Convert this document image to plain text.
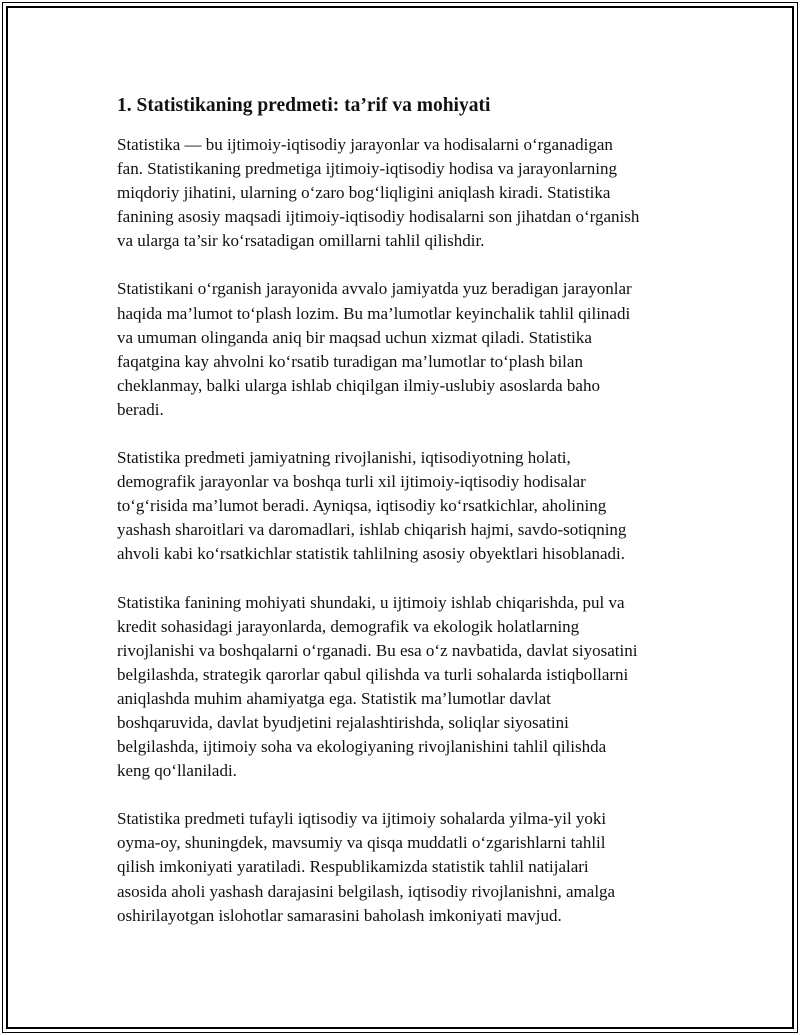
1. Statistikaning predmeti: ta’rif va mohiyati

Statistika — bu ijtimoiy-iqtisodiy jarayonlar va hodisalarni o‘rganadigan
fan. Statistikaning predmetiga ijtimoiy-iqtisodiy hodisa va jarayonlarning
miqdoriy jihatini, ularning o‘zaro bog‘liqligini aniqlash kiradi. Statistika
fanining asosiy maqsadi ijtimoiy-iqtisodiy hodisalarni son jihatdan o‘rganish
va ularga ta’sir ko‘rsatadigan omillarni tahlil qilishdir.

Statistikani o‘rganish jarayonida avvalo jamiyatda yuz beradigan jarayonlar
haqida ma’lumot to‘plash lozim. Bu ma’lumotlar keyinchalik tahlil qilinadi
va umuman olinganda aniq bir maqsad uchun xizmat qiladi. Statistika
faqatgina kay ahvolni ko‘rsatib turadigan ma’lumotlar to‘plash bilan
cheklanmay, balki ularga ishlab chiqilgan ilmiy-uslubiy asoslarda baho
beradi.

Statistika predmeti jamiyatning rivojlanishi, iqtisodiyotning holati,
demografik jarayonlar va boshqa turli xil ijtimoiy-iqtisodiy hodisalar
to‘g‘risida ma’lumot beradi. Ayniqsa, iqtisodiy ko‘rsatkichlar, aholining
yashash sharoitlari va daromadlari, ishlab chiqarish hajmi, savdo-sotiqning
ahvoli kabi ko‘rsatkichlar statistik tahlilning asosiy obyektlari hisoblanadi.

Statistika fanining mohiyati shundaki, u ijtimoiy ishlab chiqarishda, pul va
kredit sohasidagi jarayonlarda, demografik va ekologik holatlarning
rivojlanishi va boshqalarni o‘rganadi. Bu esa o‘z navbatida, davlat siyosatini
belgilashda, strategik qarorlar qabul qilishda va turli sohalarda istiqbollarni
aniqlashda muhim ahamiyatga ega. Statistik ma’lumotlar davlat
boshqaruvida, davlat byudjetini rejalashtirishda, soliqlar siyosatini
belgilashda, ijtimoiy soha va ekologiyaning rivojlanishini tahlil qilishda
keng qo‘llaniladi.

Statistika predmeti tufayli iqtisodiy va ijtimoiy sohalarda yilma-yil yoki
oyma-oy, shuningdek, mavsumiy va qisqa muddatli o‘zgarishlarni tahlil
qilish imkoniyati yaratiladi. Respublikamizda statistik tahlil natijalari
asosida aholi yashash darajasini belgilash, iqtisodiy rivojlanishni, amalga
oshirilayotgan islohotlar samarasini baholash imkoniyati mavjud.
